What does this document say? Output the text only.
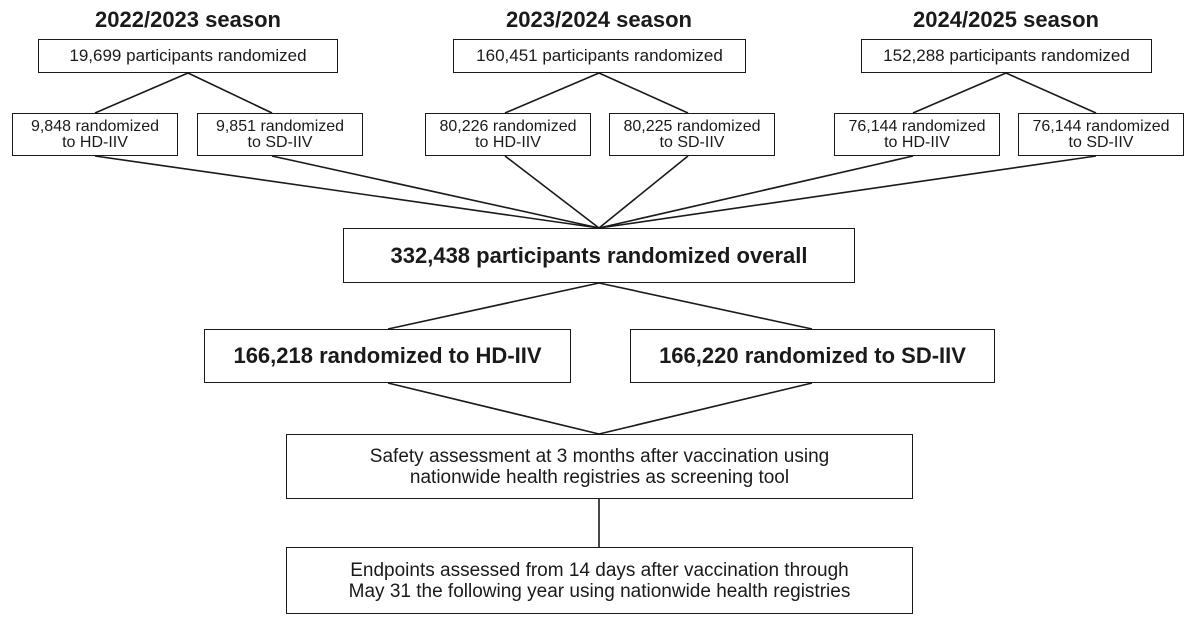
2022/2023 season	2023/2024 season	2024/2025 season
19,699 participants randomized	160,451 participants randomized	152,288 participants randomized
9,848 randomized
to HD-IIV
9,851 randomized
to SD-IIV
80,226 randomized
to HD-IIV
80,225 randomized
to SD-IIV
76,144 randomized
to HD-IIV
76,144 randomized
to SD-IIV
332,438 participants randomized overall
166,218 randomized to HD-IIV	166,220 randomized to SD-IIV
Safety assessment at 3 months after vaccination using
nationwide health registries as screening tool
Endpoints assessed from 14 days after vaccination through
May 31 the following year using nationwide health registries
